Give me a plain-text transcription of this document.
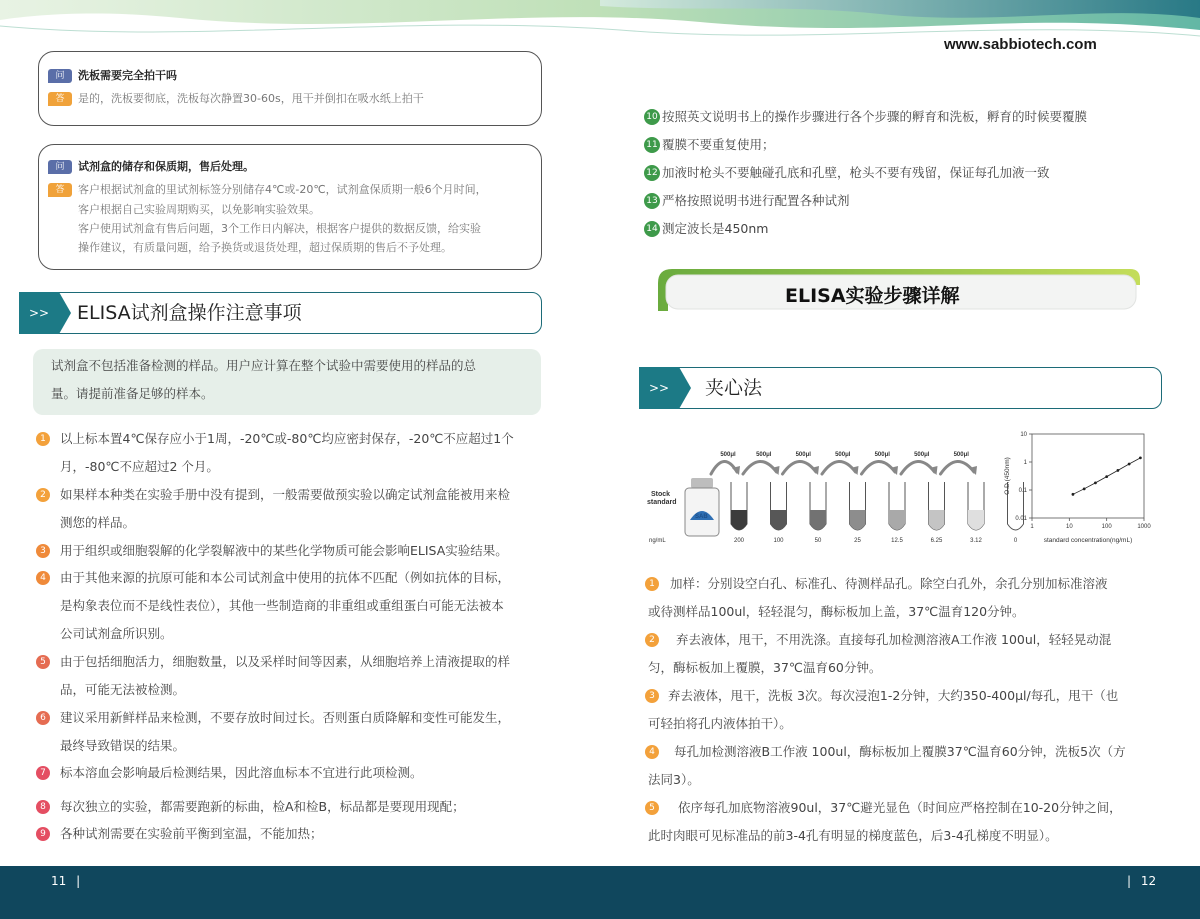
www.sabbiotech.com
问 洗板需要完全拍干吗
答 是的，洗板要彻底，洗板每次静置30-60s，甩干并倒扣在吸水纸上拍干
问 试剂盒的储存和保质期，售后处理。
答 客户根据试剂盒的里试剂标签分别储存4℃或-20℃，试剂盒保质期一般6个月时间，
客户根据自己实验周期购买，以免影响实验效果。
客户使用试剂盒有售后问题，3个工作日内解决，根据客户提供的数据反馈，给实验
操作建议，有质量问题，给予换货或退货处理，超过保质期的售后不予处理。
>>	ELISA试剂盒操作注意事项
试剂盒不包括准备检测的样品。用户应计算在整个试验中需要使用的样品的总
量。请提前准备足够的样本。
1	以上标本置4℃保存应小于1周，-20℃或-80℃均应密封保存，-20℃不应超过1个
月，-80℃不应超过2 个月。
2	如果样本种类在实验手册中没有提到，一般需要做预实验以确定试剂盒能被用来检
测您的样品。
3	用于组织或细胞裂解的化学裂解液中的某些化学物质可能会影响ELISA实验结果。
4	由于其他来源的抗原可能和本公司试剂盒中使用的抗体不匹配（例如抗体的目标，
是构象表位而不是线性表位），其他一些制造商的非重组或重组蛋白可能无法被本
公司试剂盒所识别。
5	由于包括细胞活力，细胞数量，以及采样时间等因素，从细胞培养上清液提取的样
品，可能无法被检测。
6	建议采用新鲜样品来检测，不要存放时间过长。否则蛋白质降解和变性可能发生，
最终导致错误的结果。
7	标本溶血会影响最后检测结果，因此溶血标本不宜进行此项检测。
8	每次独立的实验，都需要跑新的标曲，检A和检B，标品都是要现用现配；
9	各种试剂需要在实验前平衡到室温，不能加热；
10 按照英文说明书上的操作步骤进行各个步骤的孵育和洗板，孵育的时候要覆膜
11 覆膜不要重复使用；
12 加液时枪头不要触碰孔底和孔壁，枪头不要有残留，保证每孔加液一致
13 严格按照说明书进行配置各种试剂
14 测定波长是450nm
ELISA实验步骤详解
>>	夹心法
500μl	500μl	500μl	500μl	500μl	500μl	500μl
Stock
standard
SAB
ng/mL	200	100	50	25	12.5	6.25	3.12	0
10
1
0.1
0.01
1	10	100	1000
O.D.(450nm)
standard concentration(ng/mL)
1	加样：分别设空白孔、标准孔、待测样品孔。除空白孔外，余孔分别加标准溶液
或待测样品100ul，轻轻混匀，酶标板加上盖，37℃温育120分钟。
2	弃去液体，甩干，不用洗涤。直接每孔加检测溶液A工作液 100ul，轻轻晃动混
匀，酶标板加上覆膜，37℃温育60分钟。
3	弃去液体，甩干，洗板 3次。每次浸泡1-2分钟，大约350-400μl/每孔，甩干（也
可轻拍将孔内液体拍干）。
4	每孔加检测溶液B工作液 100ul，酶标板加上覆膜37℃温育60分钟，洗板5次（方
法同3）。
5	依序每孔加底物溶液90ul，37℃避光显色（时间应严格控制在10-20分钟之间，
此时肉眼可见标准品的前3-4孔有明显的梯度蓝色，后3-4孔梯度不明显）。
11 |	| 12
